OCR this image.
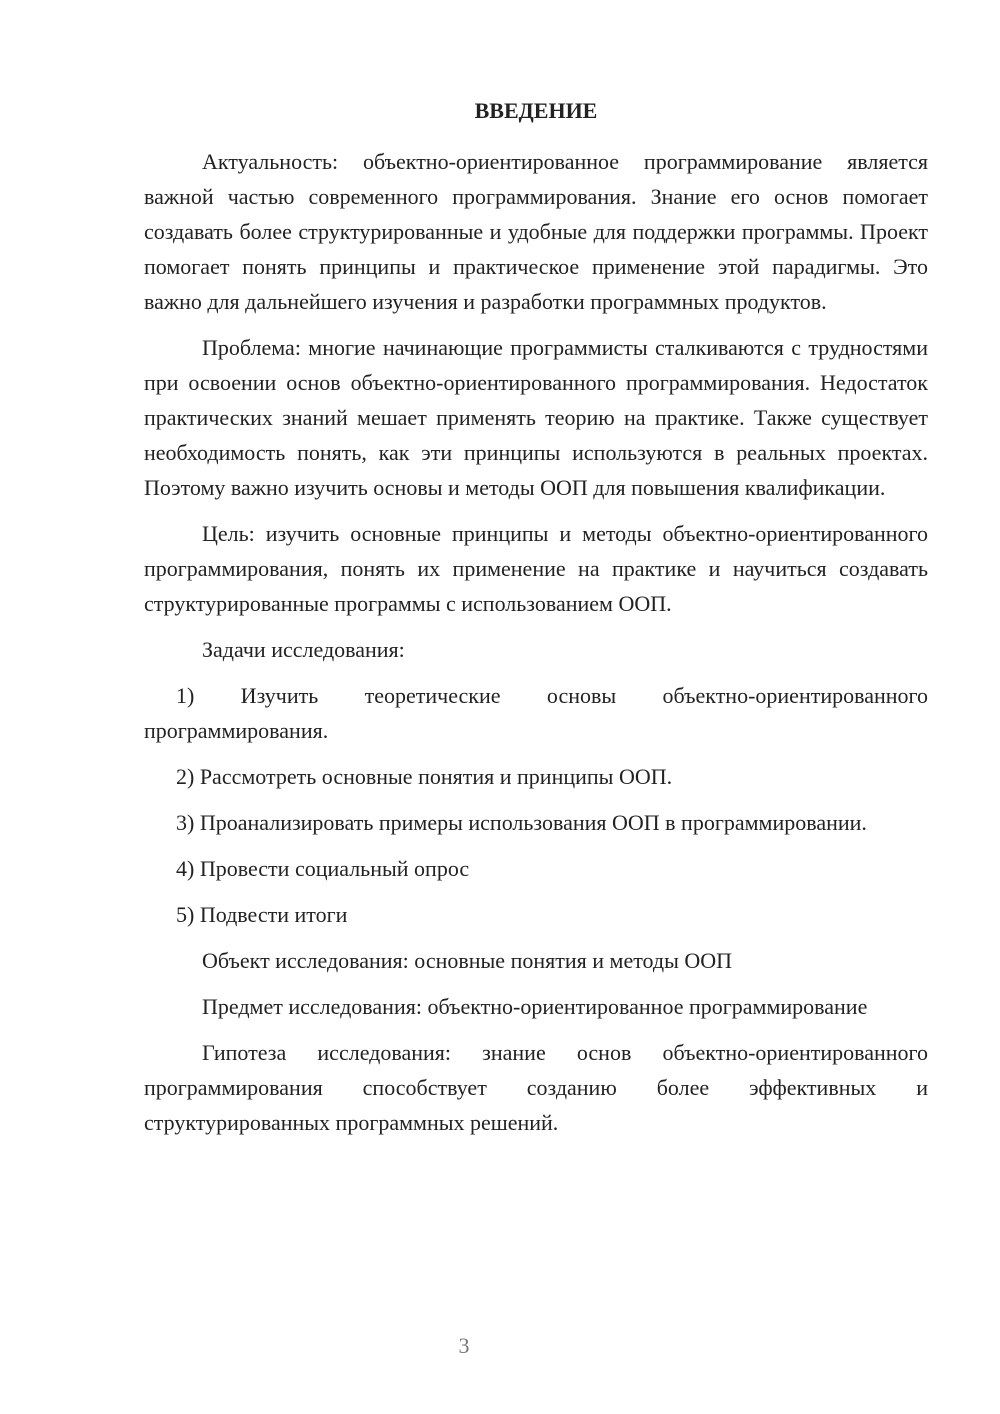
ВВЕДЕНИЕ

Актуальность: объектно-ориентированное программирование является важной частью современного программирования. Знание его основ помогает создавать более структурированные и удобные для поддержки программы. Проект помогает понять принципы и практическое применение этой парадигмы. Это важно для дальнейшего изучения и разработки программных продуктов.

Проблема: многие начинающие программисты сталкиваются с трудностями при освоении основ объектно-ориентированного программирования. Недостаток практических знаний мешает применять теорию на практике. Также существует необходимость понять, как эти принципы используются в реальных проектах. Поэтому важно изучить основы и методы ООП для повышения квалификации.

Цель: изучить основные принципы и методы объектно-ориентированного программирования, понять их применение на практике и научиться создавать структурированные программы с использованием ООП.

Задачи исследования:

1) Изучить теоретические основы объектно-ориентированного программирования.

2) Рассмотреть основные понятия и принципы ООП.

3) Проанализировать примеры использования ООП в программировании.

4) Провести социальный опрос

5) Подвести итоги

Объект исследования: основные понятия и методы ООП

Предмет исследования: объектно-ориентированное программирование

Гипотеза исследования: знание основ объектно-ориентированного программирования способствует созданию более эффективных и структурированных программных решений.

3
